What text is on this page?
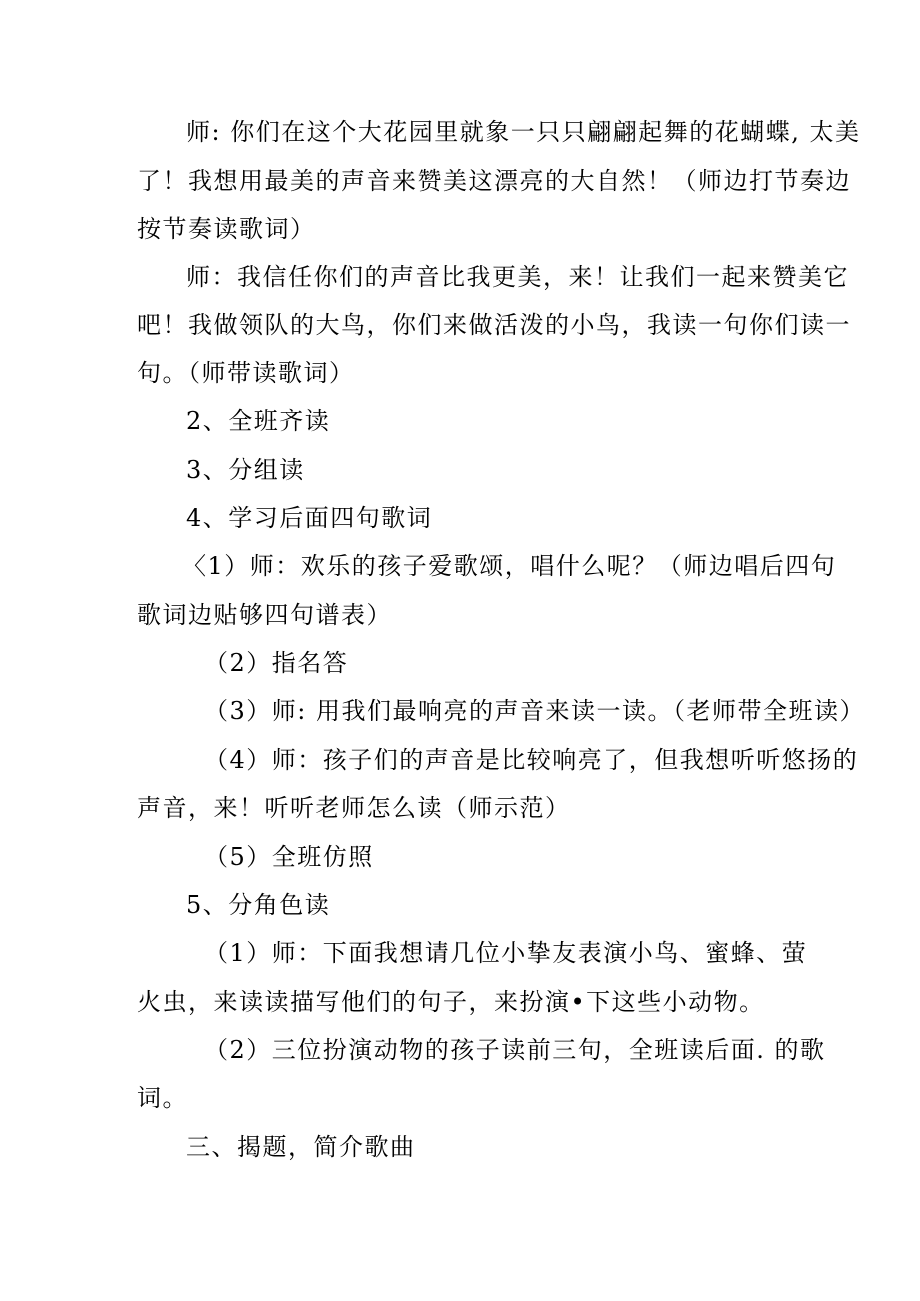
师: 你们在这个大花园里就象一只只翩翩起舞的花蝴蝶, 太美

了！我想用最美的声音来赞美这漂亮的大自然！（师边打节奏边

按节奏读歌词）

师：我信任你们的声音比我更美，来！让我们一起来赞美它

吧！我做领队的大鸟，你们来做活泼的小鸟，我读一句你们读一

句。（师带读歌词）

2、全班齐读

3、分组读

4、学习后面四句歌词

〈1）师：欢乐的孩子爱歌颂，唱什么呢？（师边唱后四句

歌词边贴够四句谱表）

（2）指名答

（3）师: 用我们最响亮的声音来读一读。（老师带全班读）

（4）师：孩子们的声音是比较响亮了，但我想听听悠扬的

声音，来！听听老师怎么读（师示范）

（5）全班仿照

5、分角色读

（1）师：下面我想请几位小挚友表演小鸟、蜜蜂、萤

火虫，来读读描写他们的句子，来扮演•下这些小动物。

（2）三位扮演动物的孩子读前三句，全班读后面. 的歌

词。

三、揭题，简介歌曲
